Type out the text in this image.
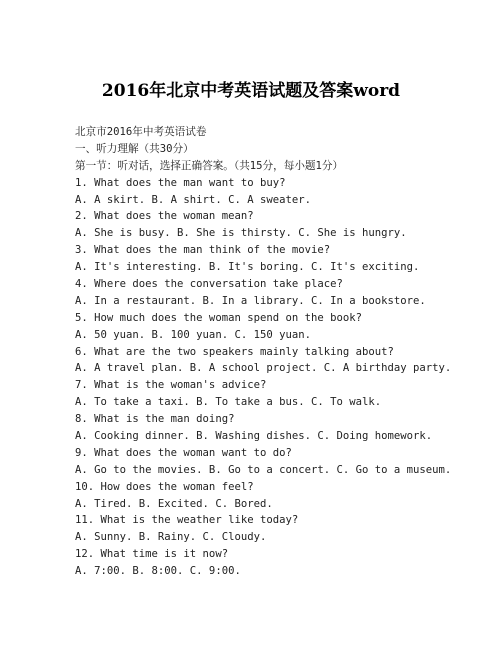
2016年北京中考英语试题及答案word
北京市2016年中考英语试卷
一、听力理解（共30分）
第一节：听对话，选择正确答案。（共15分，每小题1分）
1. What does the man want to buy?
A. A skirt. B. A shirt. C. A sweater.
2. What does the woman mean?
A. She is busy. B. She is thirsty. C. She is hungry.
3. What does the man think of the movie?
A. It's interesting. B. It's boring. C. It's exciting.
4. Where does the conversation take place?
A. In a restaurant. B. In a library. C. In a bookstore.
5. How much does the woman spend on the book?
A. 50 yuan. B. 100 yuan. C. 150 yuan.
6. What are the two speakers mainly talking about?
A. A travel plan. B. A school project. C. A birthday party.
7. What is the woman's advice?
A. To take a taxi. B. To take a bus. C. To walk.
8. What is the man doing?
A. Cooking dinner. B. Washing dishes. C. Doing homework.
9. What does the woman want to do?
A. Go to the movies. B. Go to a concert. C. Go to a museum.
10. How does the woman feel?
A. Tired. B. Excited. C. Bored.
11. What is the weather like today?
A. Sunny. B. Rainy. C. Cloudy.
12. What time is it now?
A. 7:00. B. 8:00. C. 9:00.
